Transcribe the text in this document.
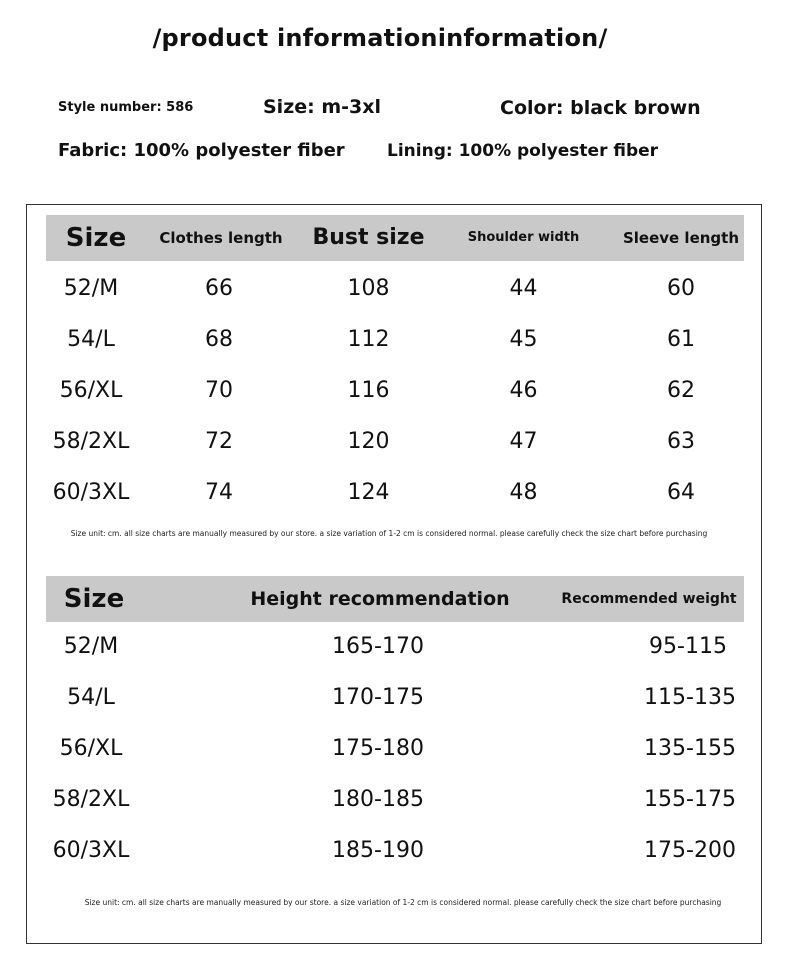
/product informationinformation/
Style number: 586	Size: m-3xl	Color: black brown
Fabric: 100% polyester fiber Lining: 100% polyester fiber
Size	Clothes length	Bust size	Shoulder width	Sleeve length
52/M	66	108	44	60
54/L	68	112	45	61
56/XL	70	116	46	62
58/2XL	72	120	47	63
60/3XL	74	124	48	64
Size unit: cm. all size charts are manually measured by our store. a size variation of 1-2 cm is considered normal. please carefully check the size chart before purchasing
Size	Height recommendation	Recommended weight
52/M	165-170	95-115
54/L	170-175	115-135
56/XL	175-180	135-155
58/2XL	180-185	155-175
60/3XL	185-190	175-200
Size unit: cm. all size charts are manually measured by our store. a size variation of 1-2 cm is considered normal. please carefully check the size chart before purchasing
